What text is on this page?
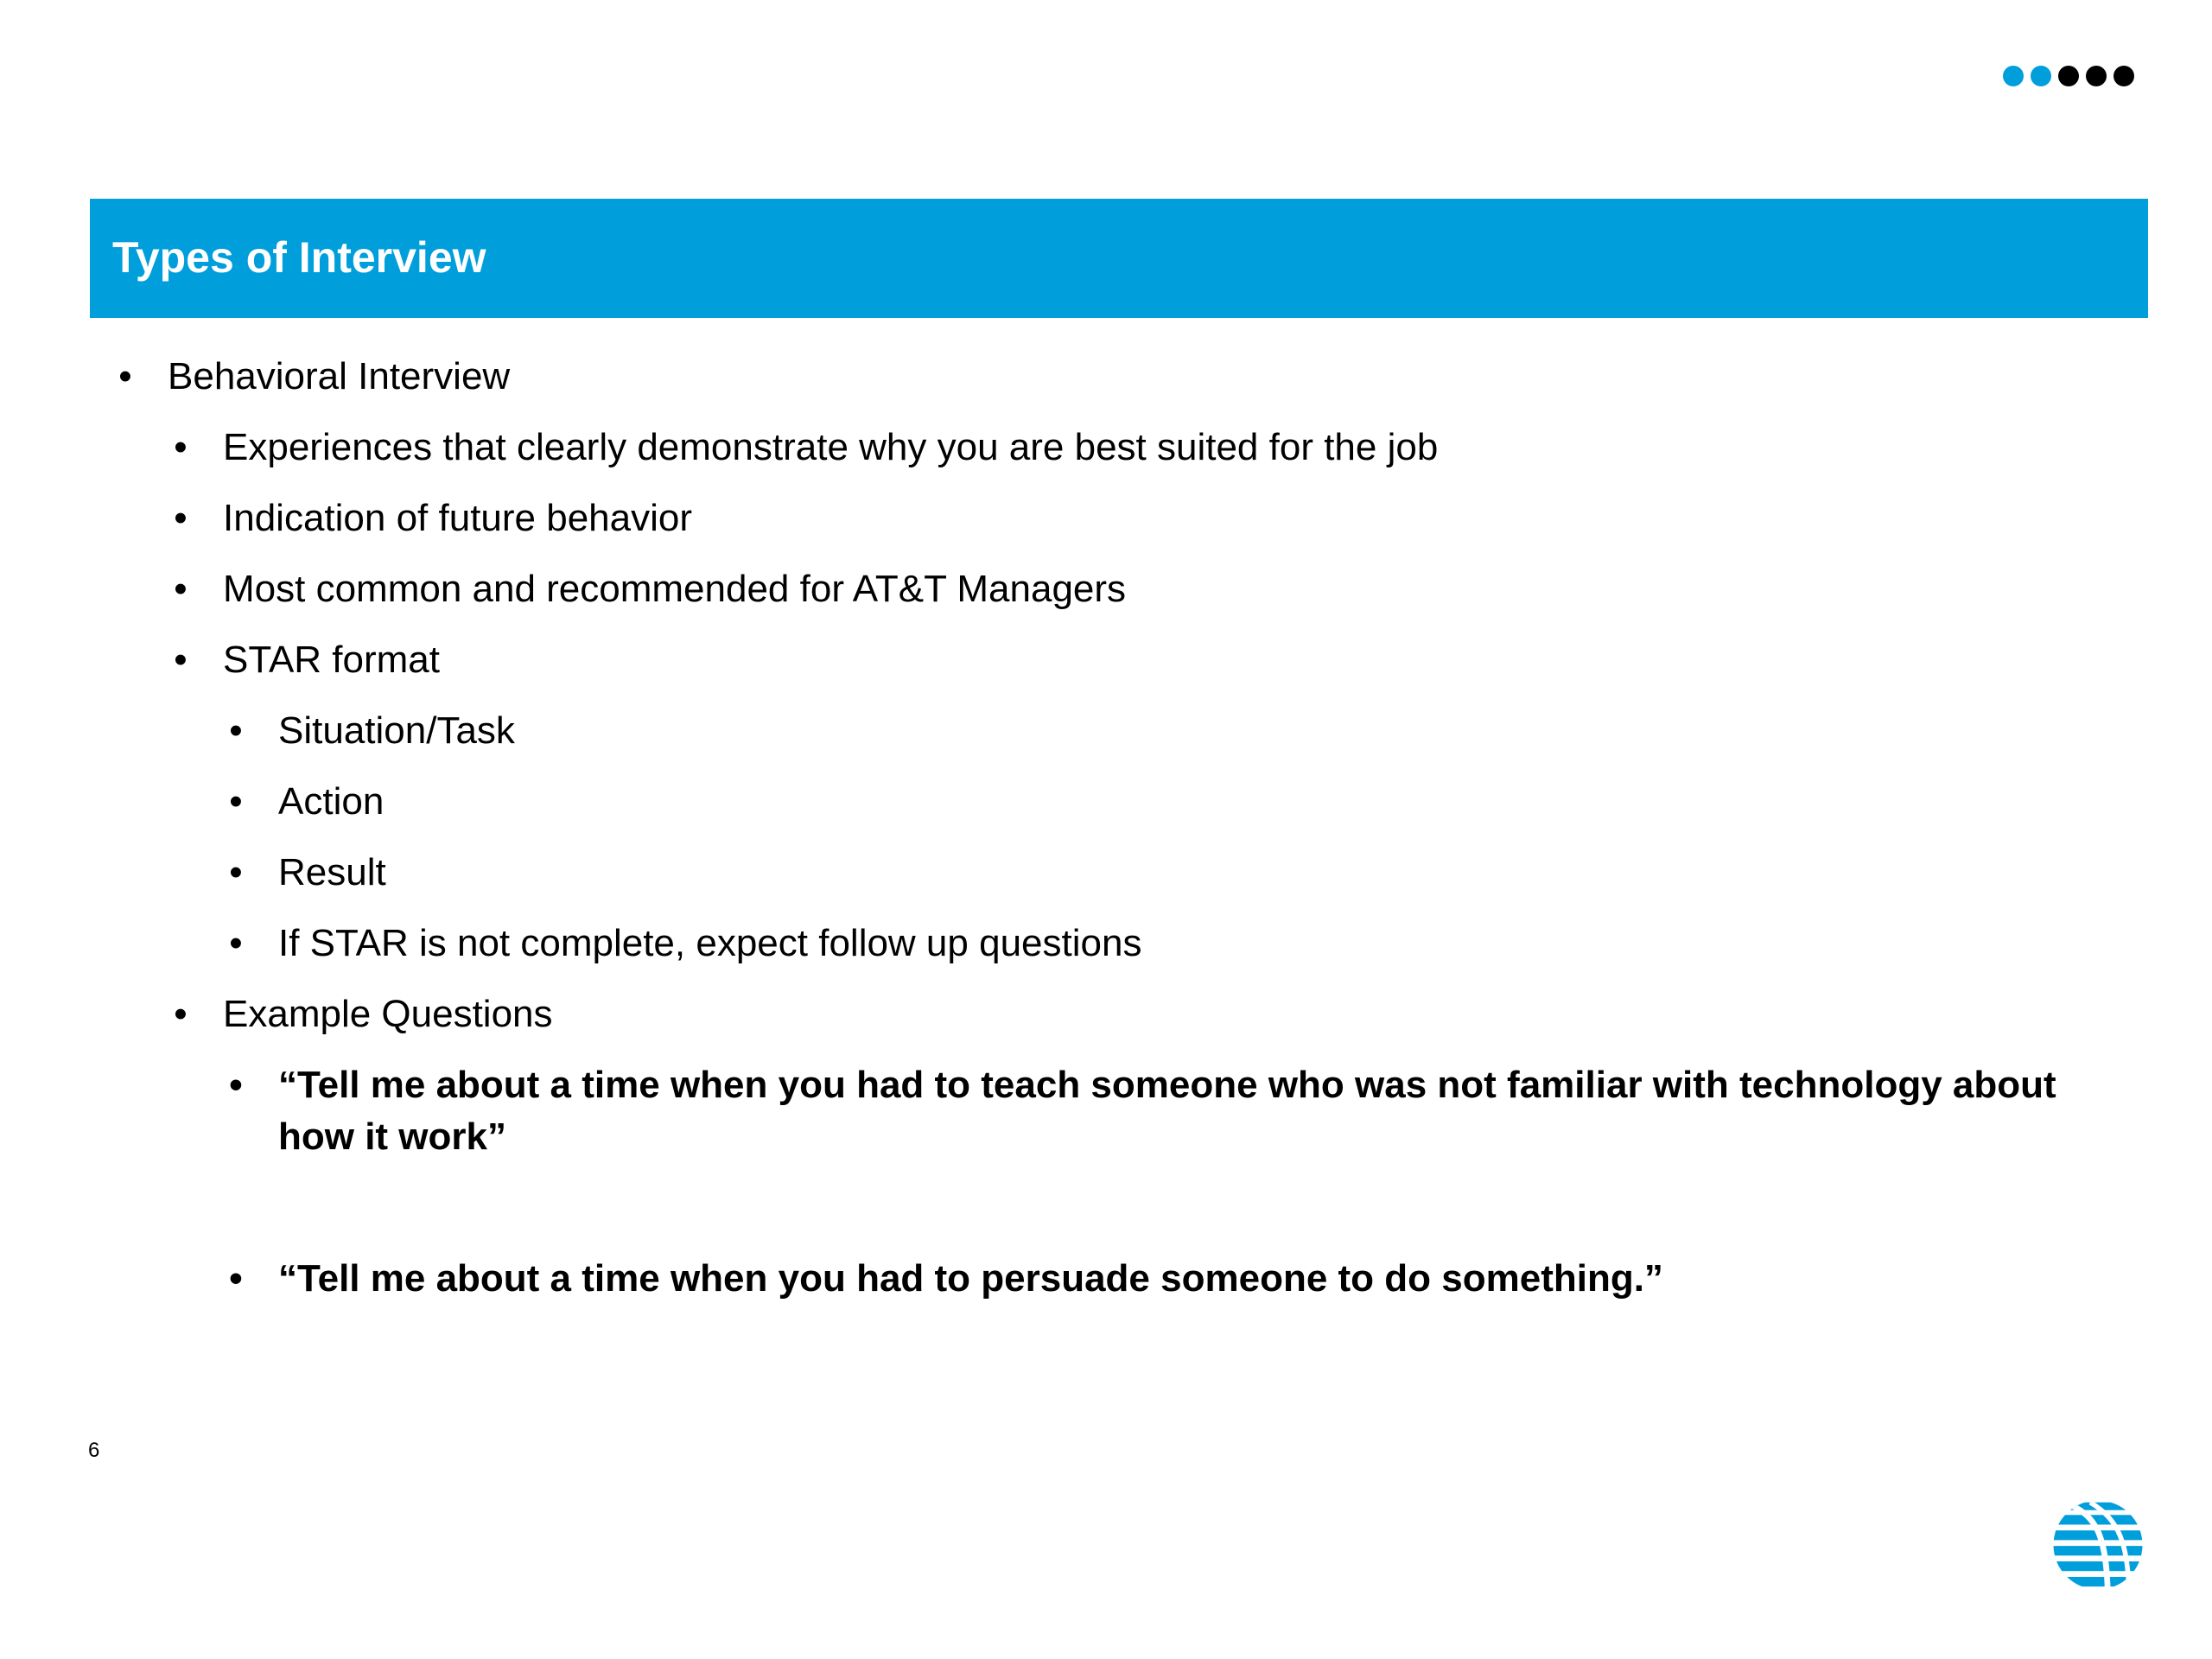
Types of Interview
• Behavioral Interview
• Experiences that clearly demonstrate why you are best suited for the job
• Indication of future behavior
• Most common and recommended for AT&T Managers
• STAR format
• Situation/Task
• Action
• Result
• If STAR is not complete, expect follow up questions
• Example Questions
• “Tell me about a time when you had to teach someone who was not familiar with technology about how it work”
• “Tell me about a time when you had to persuade someone to do something.”
6
